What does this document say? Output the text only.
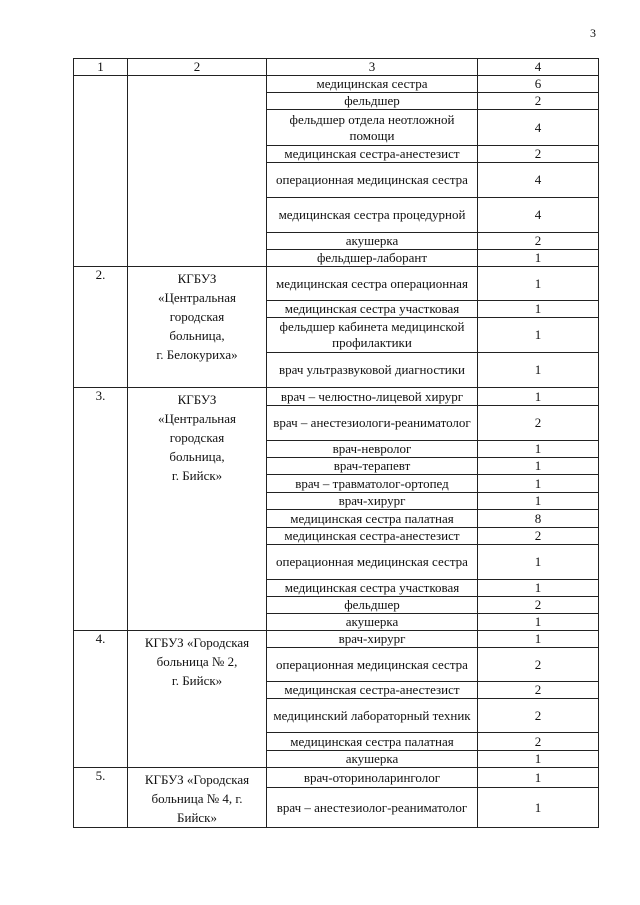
3
1	2	3	4
		медицинская сестра	6
		фельдшер	2
		фельдшер отдела неотложной помощи	4
		медицинская сестра-анестезист	2
		операционная медицинская сестра	4
		медицинская сестра процедурной	4
		акушерка	2
		фельдшер-лаборант	1
2.	КГБУЗ
«Центральная
городская
больница,
г. Белокуриха»	медицинская сестра операционная	1
		медицинская сестра участковая	1
		фельдшер кабинета медицинской профилактики	1
		врач ультразвуковой диагностики	1
3.	КГБУЗ
«Центральная
городская
больница,
г. Бийск»	врач – челюстно-лицевой хирург	1
		врач – анестезиологи-реаниматолог	2
		врач-невролог	1
		врач-терапевт	1
		врач – травматолог-ортопед	1
		врач-хирург	1
		медицинская сестра палатная	8
		медицинская сестра-анестезист	2
		операционная медицинская сестра	1
		медицинская сестра участковая	1
		фельдшер	2
		акушерка	1
4.	КГБУЗ «Городская
больница № 2,
г. Бийск»	врач-хирург	1
		операционная медицинская сестра	2
		медицинская сестра-анестезист	2
		медицинский лабораторный техник	2
		медицинская сестра палатная	2
		акушерка	1
5.	КГБУЗ «Городская
больница № 4, г.
Бийск»	врач-оториноларинголог	1
		врач – анестезиолог-реаниматолог	1
